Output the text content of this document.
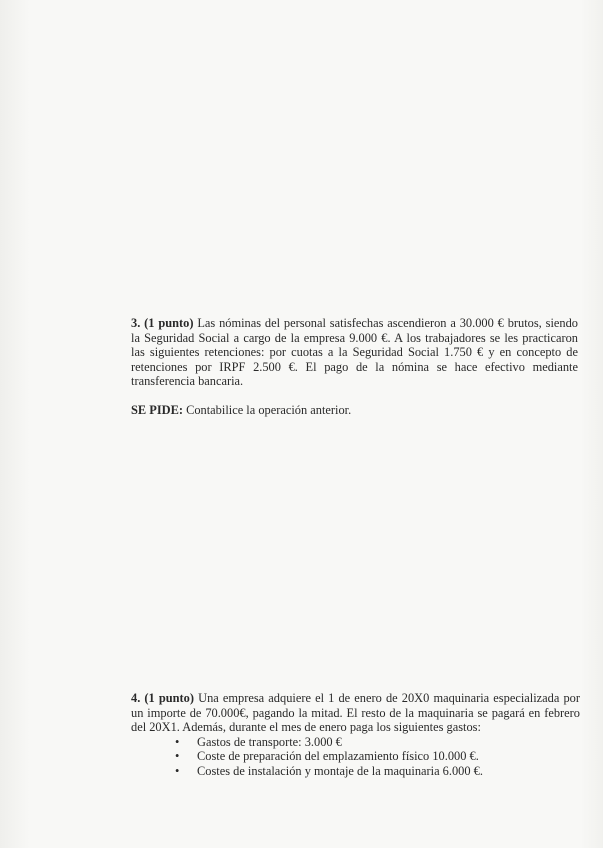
3. (1 punto) Las nóminas del personal satisfechas ascendieron a 30.000 € brutos, siendo la Seguridad Social a cargo de la empresa 9.000 €. A los trabajadores se les practicaron las siguientes retenciones: por cuotas a la Seguridad Social 1.750 € y en concepto de retenciones por IRPF 2.500 €. El pago de la nómina se hace efectivo mediante transferencia bancaria.
SE PIDE: Contabilice la operación anterior.
4. (1 punto) Una empresa adquiere el 1 de enero de 20X0 maquinaria especializada por un importe de 70.000€, pagando la mitad. El resto de la maquinaria se pagará en febrero del 20X1. Además, durante el mes de enero paga los siguientes gastos:
• Gastos de transporte: 3.000 €
• Coste de preparación del emplazamiento físico 10.000 €.
• Costes de instalación y montaje de la maquinaria 6.000 €.
